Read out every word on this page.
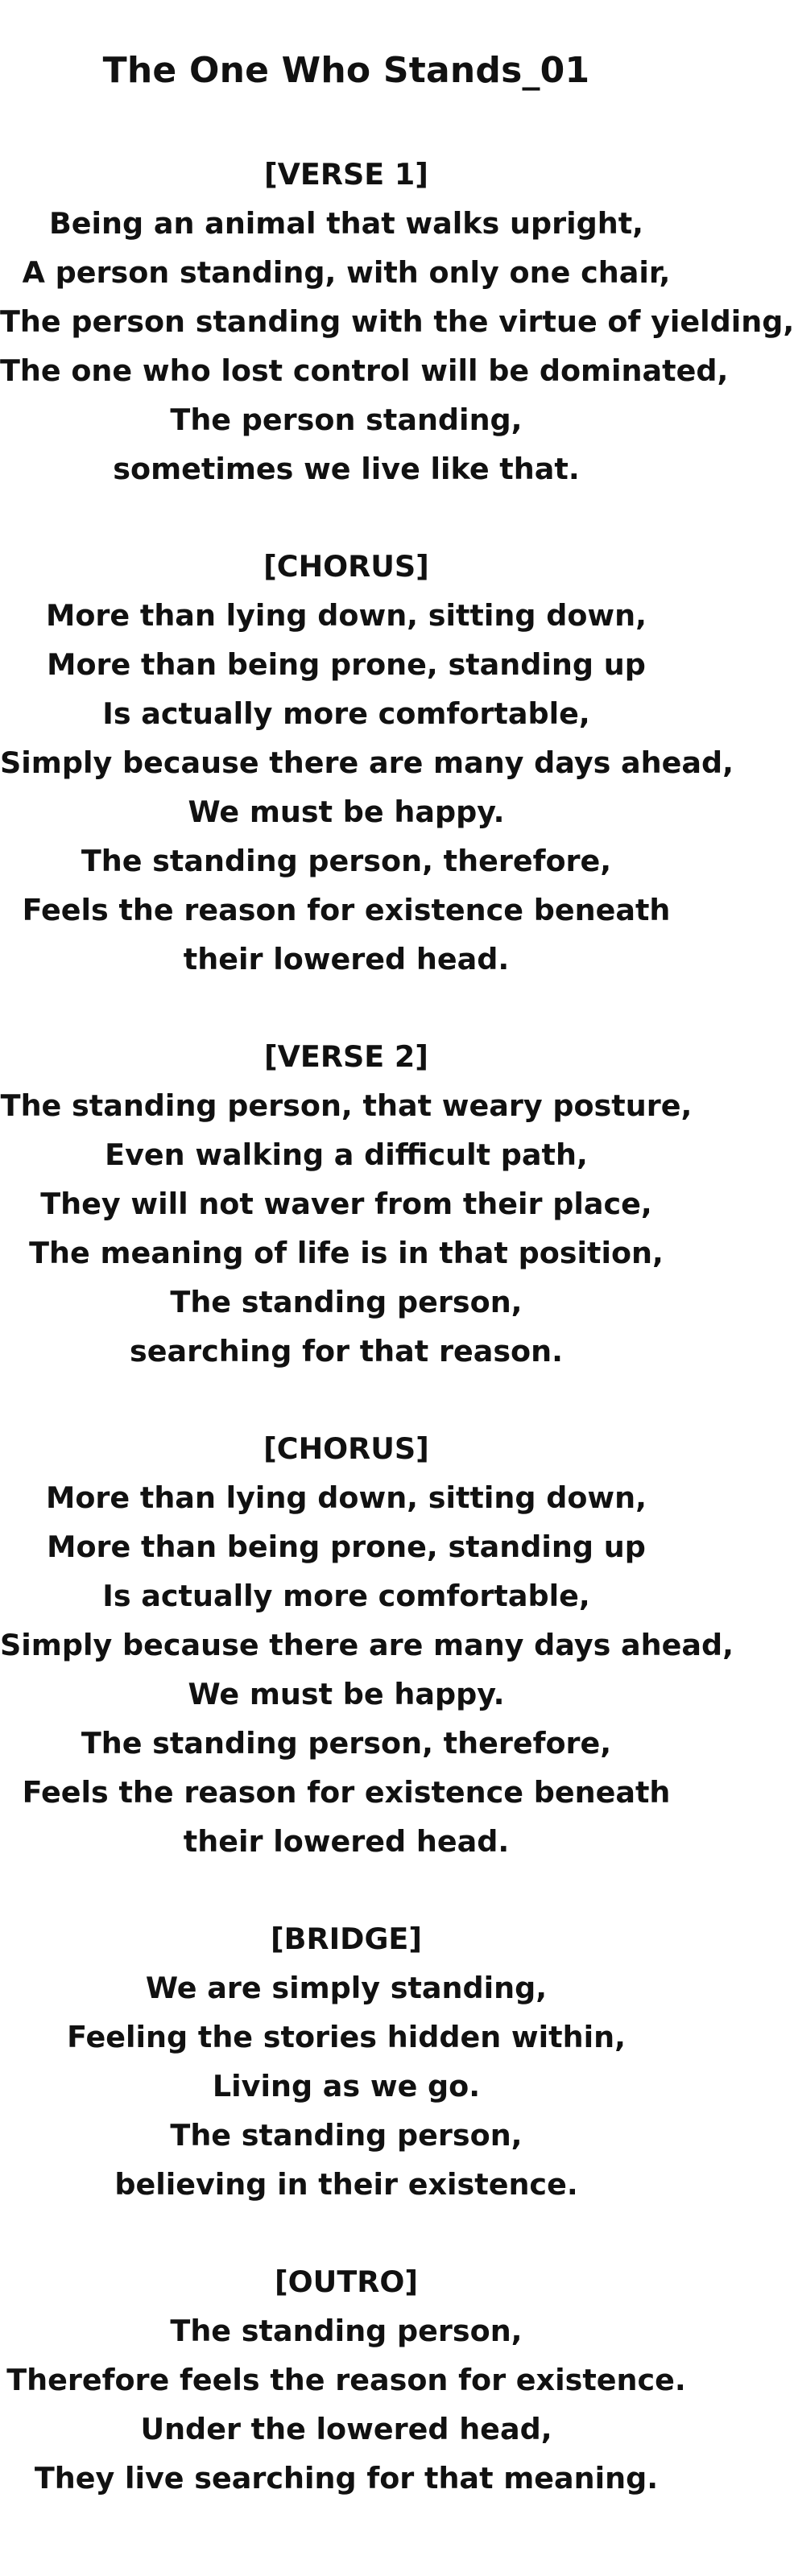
The One Who Stands_01
[VERSE 1]
Being an animal that walks upright,
A person standing, with only one chair,
The person standing with the virtue of yielding,
The one who lost control will be dominated,
The person standing,
sometimes we live like that.
[CHORUS]
More than lying down, sitting down,
More than being prone, standing up
Is actually more comfortable,
Simply because there are many days ahead,
We must be happy.
The standing person, therefore,
Feels the reason for existence beneath
their lowered head.
[VERSE 2]
The standing person, that weary posture,
Even walking a difficult path,
They will not waver from their place,
The meaning of life is in that position,
The standing person,
searching for that reason.
[CHORUS]
More than lying down, sitting down,
More than being prone, standing up
Is actually more comfortable,
Simply because there are many days ahead,
We must be happy.
The standing person, therefore,
Feels the reason for existence beneath
their lowered head.
[BRIDGE]
We are simply standing,
Feeling the stories hidden within,
Living as we go.
The standing person,
believing in their existence.
[OUTRO]
The standing person,
Therefore feels the reason for existence.
Under the lowered head,
They live searching for that meaning.
